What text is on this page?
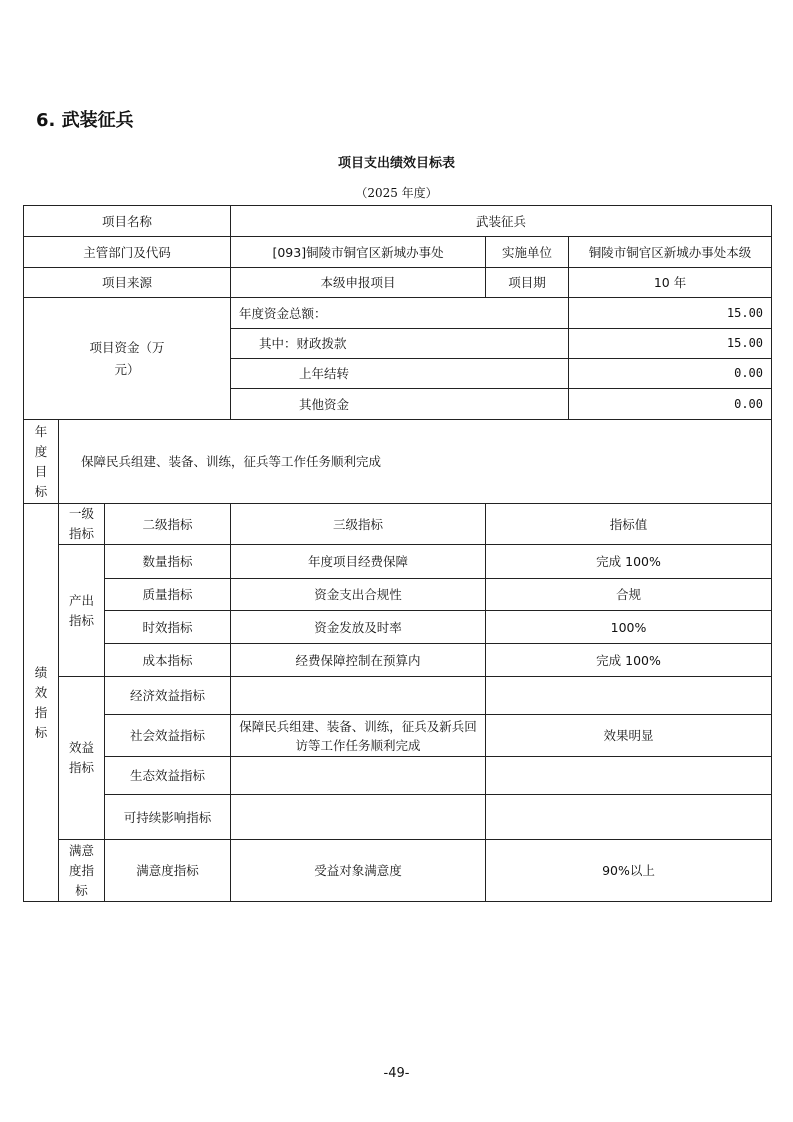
6. 武装征兵
项目支出绩效目标表
（2025 年度）
项目名称			武装征兵		
主管部门及代码			[093]铜陵市铜官区新城办事处	实施单位	铜陵市铜官区新城办事处本级
项目来源			本级申报项目	项目期	10 年
项目资金（万元）			年度资金总额：		15.00
			其中：财政拨款		15.00
			上年结转		0.00
			其他资金		0.00
年度目标	保障民兵组建、装备、训练，征兵等工作任务顺利完成				
绩效指标	一级指标	二级指标	三级指标	指标值	
	产出指标	数量指标	年度项目经费保障	完成 100%	
		质量指标	资金支出合规性	合规	
		时效指标	资金发放及时率	100%	
		成本指标	经费保障控制在预算内	完成 100%	
	效益指标	经济效益指标			
		社会效益指标	保障民兵组建、装备、训练，征兵及新兵回访等工作任务顺利完成	效果明显	
		生态效益指标			
		可持续影响指标			
	满意度指标	满意度指标	受益对象满意度	90%以上	
-49-
